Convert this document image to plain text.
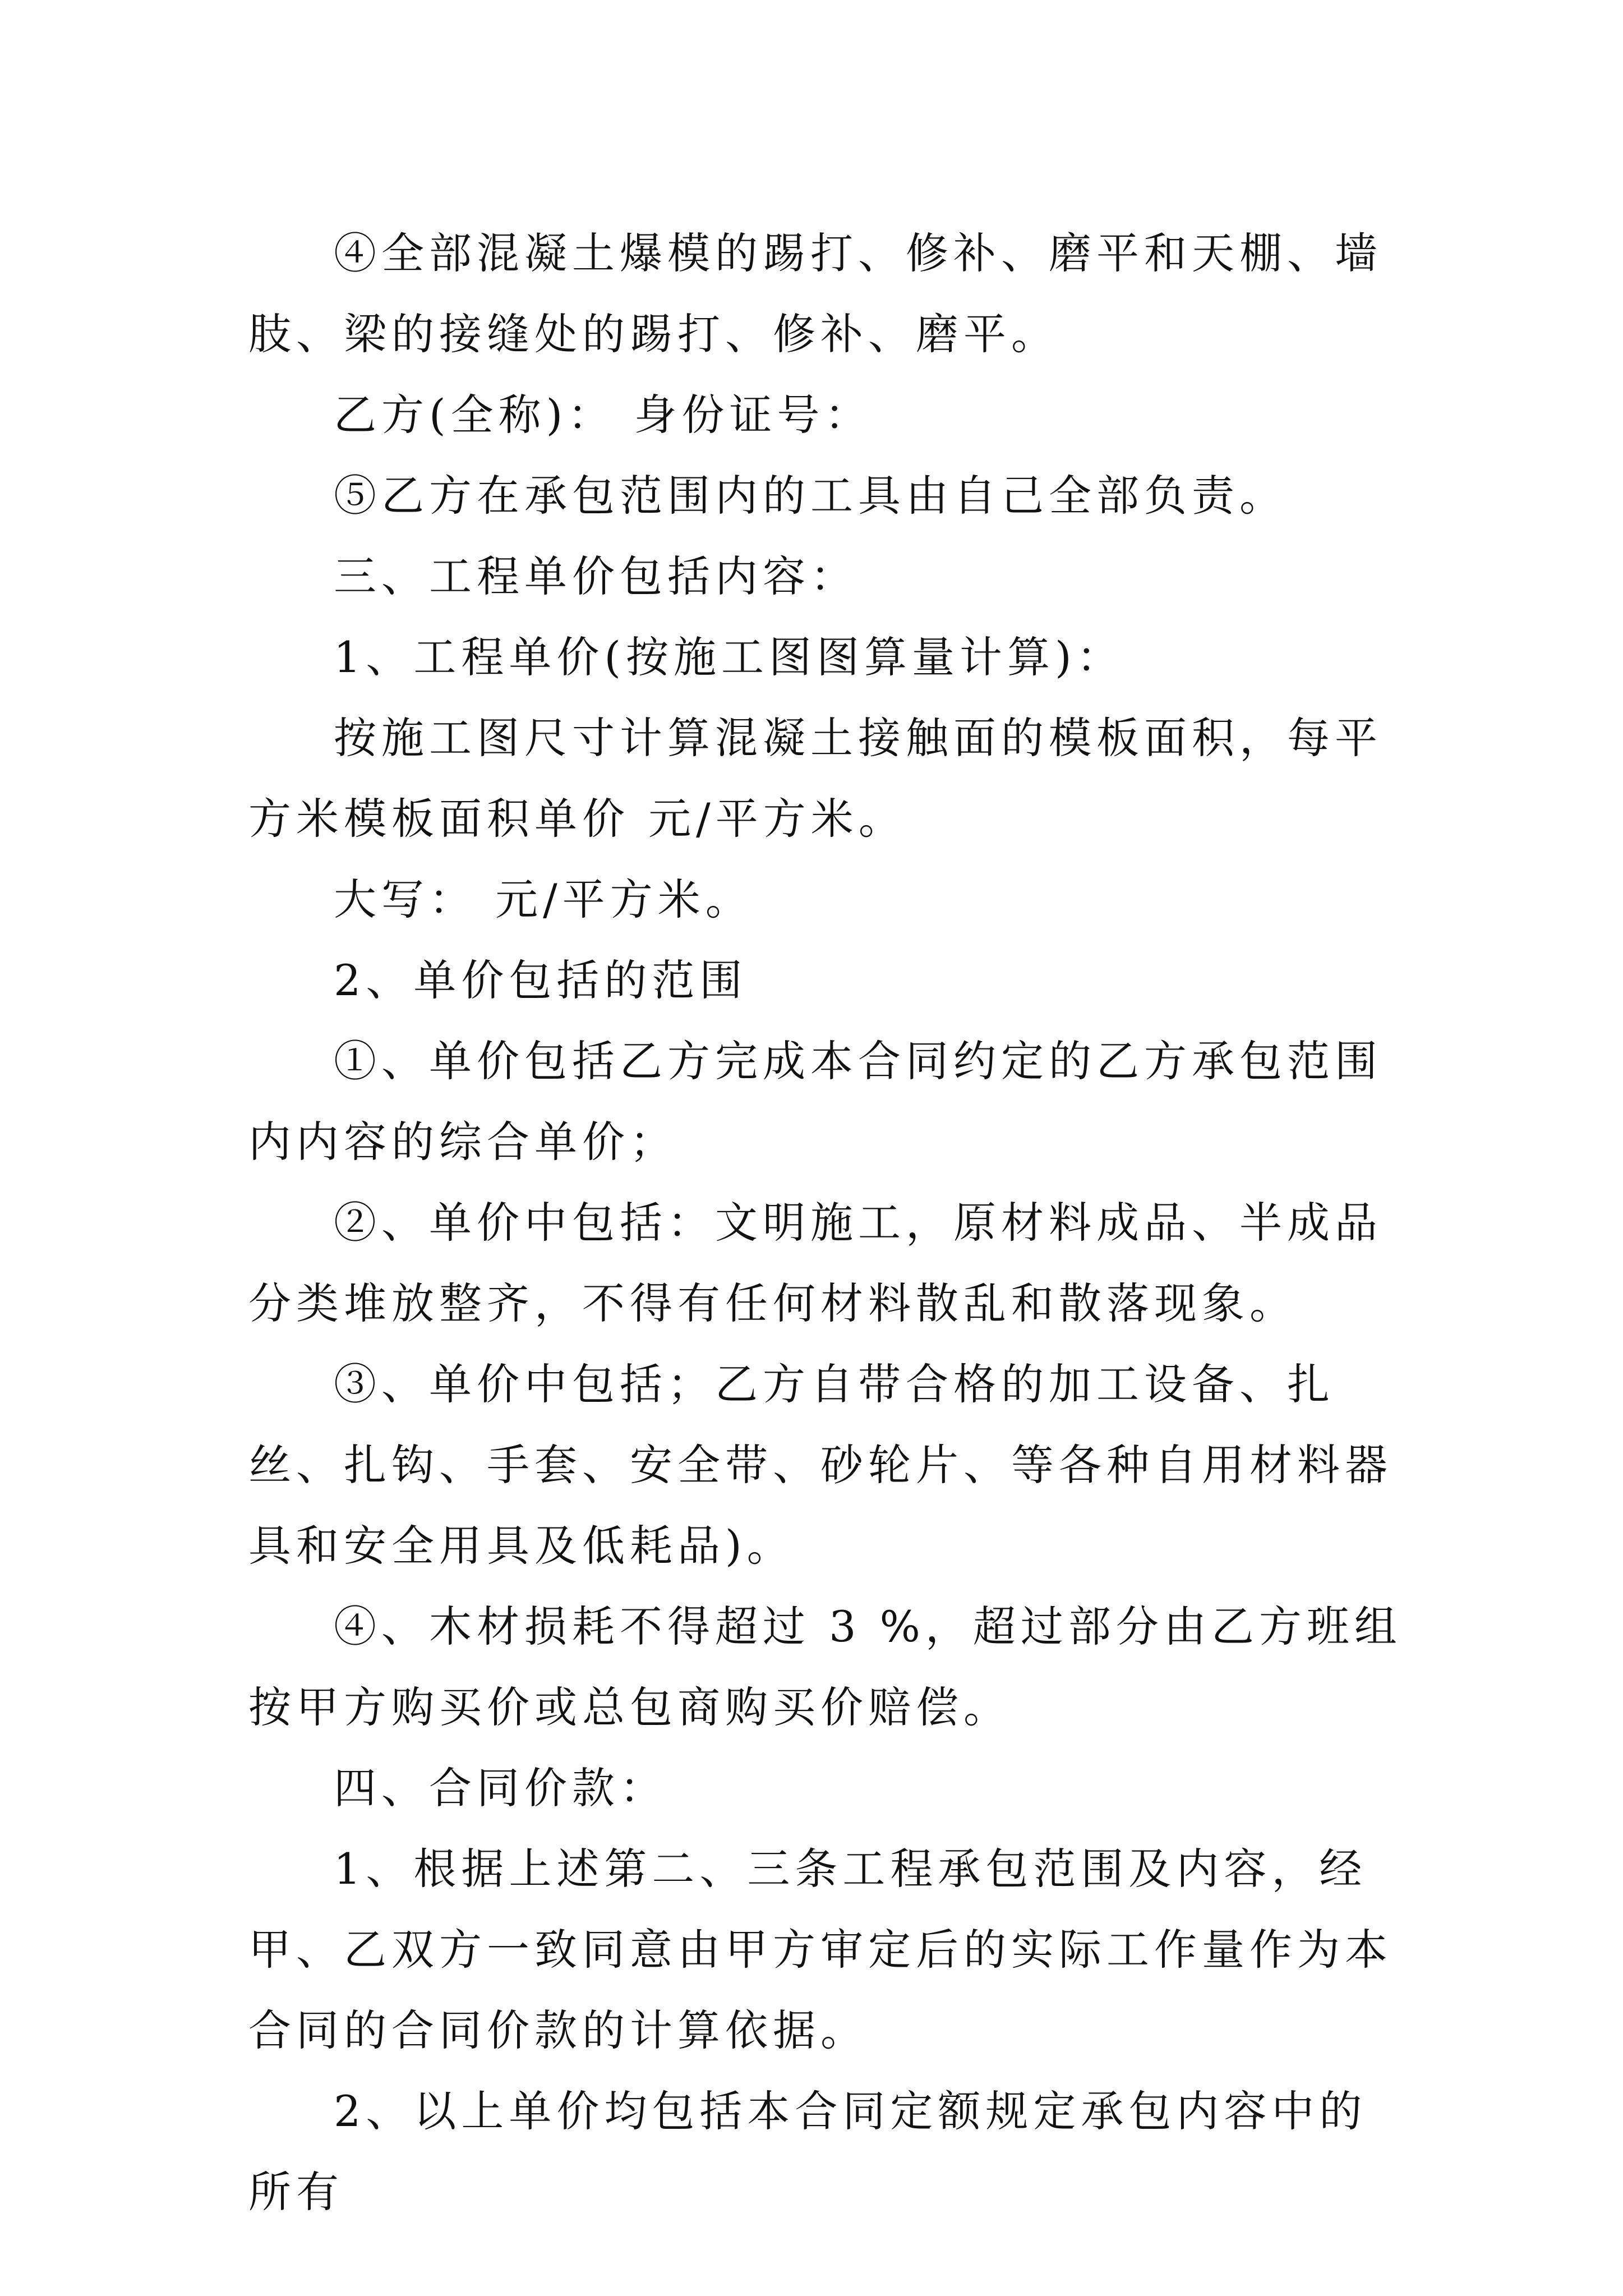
④全部混凝土爆模的踢打、修补、磨平和天棚、墙肢、梁的接缝处的踢打、修补、磨平。

乙方(全称)： 身份证号：

⑤乙方在承包范围内的工具由自己全部负责。

三、工程单价包括内容：

1、工程单价(按施工图图算量计算)：

按施工图尺寸计算混凝土接触面的模板面积，每平方米模板面积单价 元/平方米。

大写： 元/平方米。

2、单价包括的范围

①、单价包括乙方完成本合同约定的乙方承包范围内内容的综合单价；

②、单价中包括：文明施工，原材料成品、半成品分类堆放整齐，不得有任何材料散乱和散落现象。

③、单价中包括；乙方自带合格的加工设备、扎丝、扎钩、手套、安全带、砂轮片、等各种自用材料器具和安全用具及低耗品)。

④、木材损耗不得超过 3 %，超过部分由乙方班组按甲方购买价或总包商购买价赔偿。

四、合同价款：

1、根据上述第二、三条工程承包范围及内容，经甲、乙双方一致同意由甲方审定后的实际工作量作为本合同的合同价款的计算依据。

2、以上单价均包括本合同定额规定承包内容中的所有
